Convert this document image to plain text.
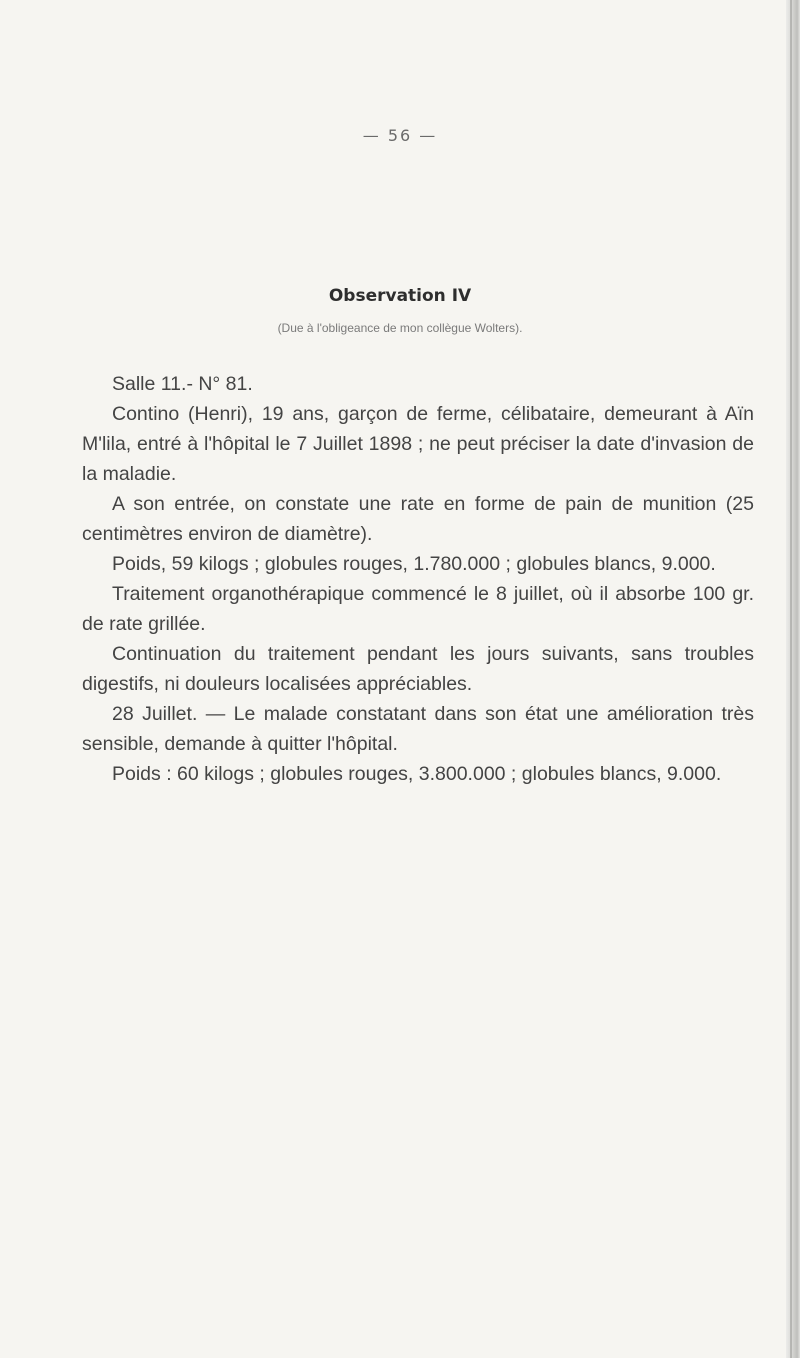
— 56 —
Observation IV
(Due à l'obligeance de mon collègue Wolters).

Salle 11.- N° 81.

Contino (Henri), 19 ans, garçon de ferme, célibataire, demeurant à Aïn M'lila, entré à l'hôpital le 7 Juillet 1898 ; ne peut préciser la date d'invasion de la maladie.

A son entrée, on constate une rate en forme de pain de munition (25 centimètres environ de diamètre).

Poids, 59 kilogs ; globules rouges, 1.780.000 ; globules blancs, 9.000.

Traitement organothérapique commencé le 8 juillet, où il absorbe 100 gr. de rate grillée.

Continuation du traitement pendant les jours suivants, sans troubles digestifs, ni douleurs localisées appréciables.

28 Juillet. — Le malade constatant dans son état une amélioration très sensible, demande à quitter l'hôpital.

Poids : 60 kilogs ; globules rouges, 3.800.000 ; globules blancs, 9.000.
